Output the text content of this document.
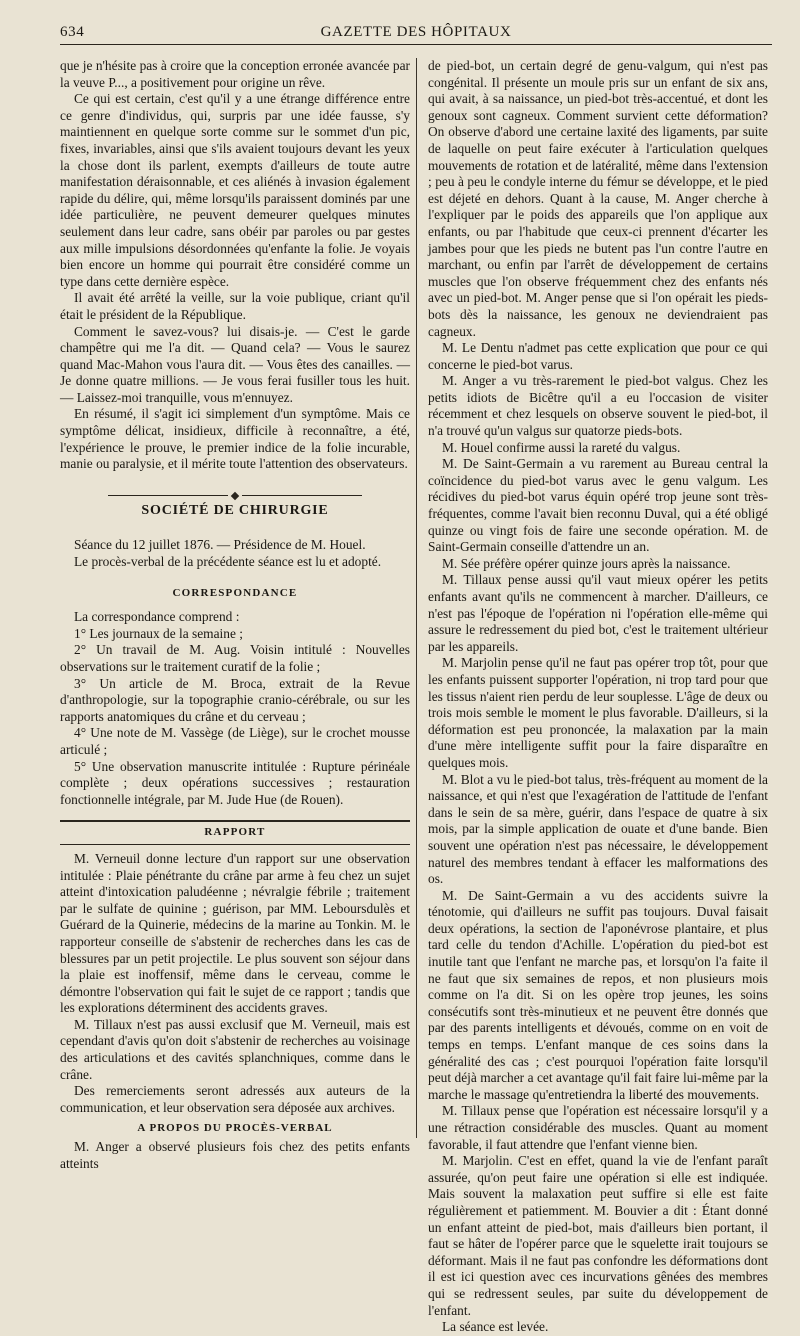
634	GAZETTE DES HÔPITAUX

que je n'hésite pas à croire que la conception erronée avancée par la veuve P..., a positivement pour origine un rêve.

Ce qui est certain, c'est qu'il y a une étrange différence entre ce genre d'individus, qui, surpris par une idée fausse, s'y maintiennent en quelque sorte comme sur le sommet d'un pic, fixes, invariables, ainsi que s'ils avaient toujours devant les yeux la chose dont ils parlent, exempts d'ailleurs de toute autre manifestation déraisonnable, et ces aliénés à invasion également rapide du délire, qui, même lorsqu'ils paraissent dominés par une idée particulière, ne peuvent demeurer quelques minutes seulement dans leur cadre, sans obéir par paroles ou par gestes aux mille impulsions désordonnées qu'enfante la folie. Je voyais bien encore un homme qui pourrait être considéré comme un type dans cette dernière espèce.

Il avait été arrêté la veille, sur la voie publique, criant qu'il était le président de la République.

Comment le savez-vous? lui disais-je. — C'est le garde champêtre qui me l'a dit. — Quand cela? — Vous le saurez quand Mac-Mahon vous l'aura dit. — Vous êtes des canailles. — Je donne quatre millions. — Je vous ferai fusiller tous les huit. — Laissez-moi tranquille, vous m'ennuyez.

En résumé, il s'agit ici simplement d'un symptôme. Mais ce symptôme délicat, insidieux, difficile à reconnaître, a été, l'expérience le prouve, le premier indice de la folie incurable, manie ou paralysie, et il mérite toute l'attention des observateurs.

SOCIÉTÉ DE CHIRURGIE

Séance du 12 juillet 1876. — Présidence de M. Houel.

Le procès-verbal de la précédente séance est lu et adopté.

CORRESPONDANCE

La correspondance comprend :

1° Les journaux de la semaine ;

2° Un travail de M. Aug. Voisin intitulé : Nouvelles observations sur le traitement curatif de la folie ;

3° Un article de M. Broca, extrait de la Revue d'anthropologie, sur la topographie cranio-cérébrale, ou sur les rapports anatomiques du crâne et du cerveau ;

4° Une note de M. Vassège (de Liège), sur le crochet mousse articulé ;

5° Une observation manuscrite intitulée : Rupture périnéale complète ; deux opérations successives ; restauration fonctionnelle intégrale, par M. Jude Hue (de Rouen).

RAPPORT

M. Verneuil donne lecture d'un rapport sur une observation intitulée : Plaie pénétrante du crâne par arme à feu chez un sujet atteint d'intoxication paludéenne ; névralgie fébrile ; traitement par le sulfate de quinine ; guérison, par MM. Leboursdulès et Guérard de la Quinerie, médecins de la marine au Tonkin. M. le rapporteur conseille de s'abstenir de recherches dans les cas de blessures par un petit projectile. Le plus souvent son séjour dans la plaie est inoffensif, même dans le cerveau, comme le démontre l'observation qui fait le sujet de ce rapport ; tandis que les explorations déterminent des accidents graves.

M. Tillaux n'est pas aussi exclusif que M. Verneuil, mais est cependant d'avis qu'on doit s'abstenir de recherches au voisinage des articulations et des cavités splanchniques, comme dans le crâne.

Des remerciements seront adressés aux auteurs de la communication, et leur observation sera déposée aux archives.

A PROPOS DU PROCÈS-VERBAL

M. Anger a observé plusieurs fois chez des petits enfants atteints

de pied-bot, un certain degré de genu-valgum, qui n'est pas congénital. Il présente un moule pris sur un enfant de six ans, qui avait, à sa naissance, un pied-bot très-accentué, et dont les genoux sont cagneux. Comment survient cette déformation? On observe d'abord une certaine laxité des ligaments, par suite de laquelle on peut faire exécuter à l'articulation quelques mouvements de rotation et de latéralité, même dans l'extension ; peu à peu le condyle interne du fémur se développe, et le pied est déjeté en dehors. Quant à la cause, M. Anger cherche à l'expliquer par le poids des appareils que l'on applique aux enfants, ou par l'habitude que ceux-ci prennent d'écarter les jambes pour que les pieds ne butent pas l'un contre l'autre en marchant, ou enfin par l'arrêt de développement de certains muscles que l'on observe fréquemment chez des enfants nés avec un pied-bot. M. Anger pense que si l'on opérait les pieds-bots dès la naissance, les genoux ne deviendraient pas cagneux.

M. Le Dentu n'admet pas cette explication que pour ce qui concerne le pied-bot varus.

M. Anger a vu très-rarement le pied-bot valgus. Chez les petits idiots de Bicêtre qu'il a eu l'occasion de visiter récemment et chez lesquels on observe souvent le pied-bot, il n'a trouvé qu'un valgus sur quatorze pieds-bots.

M. Houel confirme aussi la rareté du valgus.

M. De Saint-Germain a vu rarement au Bureau central la coïncidence du pied-bot varus avec le genu valgum. Les récidives du pied-bot varus équin opéré trop jeune sont très-fréquentes, comme l'avait bien reconnu Duval, qui a été obligé quinze ou vingt fois de faire une seconde opération. M. de Saint-Germain conseille d'attendre un an.

M. Sée préfère opérer quinze jours après la naissance.

M. Tillaux pense aussi qu'il vaut mieux opérer les petits enfants avant qu'ils ne commencent à marcher. D'ailleurs, ce n'est pas l'époque de l'opération ni l'opération elle-même qui assure le redressement du pied bot, c'est le traitement ultérieur par les appareils.

M. Marjolin pense qu'il ne faut pas opérer trop tôt, pour que les enfants puissent supporter l'opération, ni trop tard pour que les tissus n'aient rien perdu de leur souplesse. L'âge de deux ou trois mois semble le moment le plus favorable. D'ailleurs, si la déformation est peu prononcée, la malaxation par la main d'une mère intelligente suffit pour la faire disparaître en quelques mois.

M. Blot a vu le pied-bot talus, très-fréquent au moment de la naissance, et qui n'est que l'exagération de l'attitude de l'enfant dans le sein de sa mère, guérir, dans l'espace de quatre à six mois, par la simple application de ouate et d'une bande. Bien souvent une opération n'est pas nécessaire, le développement naturel des membres tendant à effacer les malformations des os.

M. De Saint-Germain a vu des accidents suivre la ténotomie, qui d'ailleurs ne suffit pas toujours. Duval faisait deux opérations, la section de l'aponévrose plantaire, et plus tard celle du tendon d'Achille. L'opération du pied-bot est inutile tant que l'enfant ne marche pas, et lorsqu'on l'a faite il ne faut que six semaines de repos, et non plusieurs mois comme on l'a dit. Si on les opère trop jeunes, les soins consécutifs sont très-minutieux et ne peuvent être donnés que par des parents intelligents et dévoués, comme on en voit de temps en temps. L'enfant manque de ces soins dans la généralité des cas ; c'est pourquoi l'opération faite lorsqu'il peut déjà marcher a cet avantage qu'il fait faire lui-même par la marche le massage qu'entretiendra la liberté des mouvements.

M. Tillaux pense que l'opération est nécessaire lorsqu'il y a une rétraction considérable des muscles. Quant au moment favorable, il faut attendre que l'enfant vienne bien.

M. Marjolin. C'est en effet, quand la vie de l'enfant paraît assurée, qu'on peut faire une opération si elle est indiquée. Mais souvent la malaxation peut suffire si elle est faite régulièrement et patiemment. M. Bouvier a dit : Étant donné un enfant atteint de pied-bot, mais d'ailleurs bien portant, il faut se hâter de l'opérer parce que le squelette irait toujours se déformant. Mais il ne faut pas confondre les déformations dont il est ici question avec ces incurvations gênées des membres qui se redressent seules, par suite du développement de l'enfant.

La séance est levée.
